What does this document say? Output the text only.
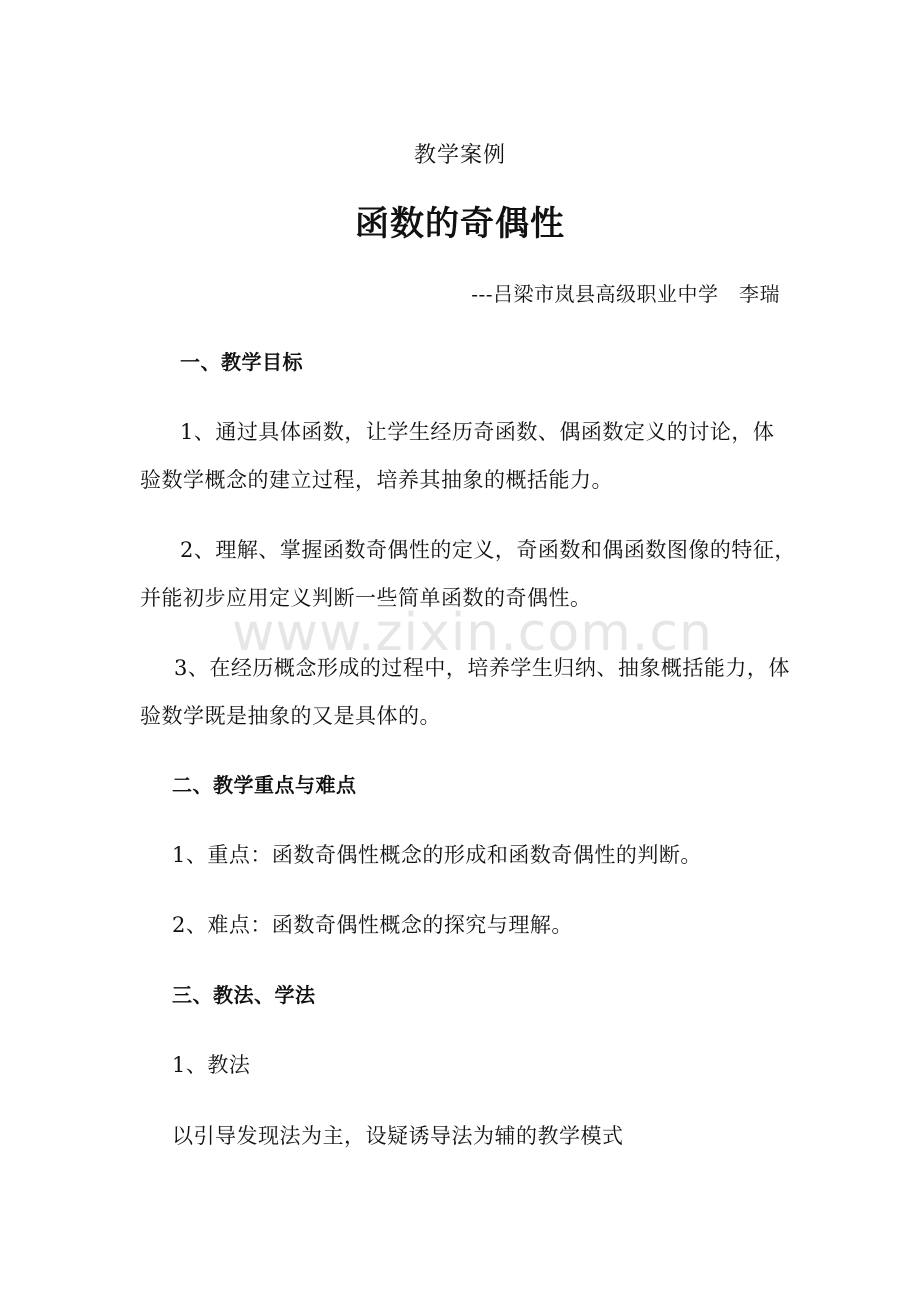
www.zixin.com.cn
教学案例
函数的奇偶性
---吕梁市岚县高级职业中学　李瑞
一、教学目标
1、通过具体函数，让学生经历奇函数、偶函数定义的讨论，体
验数学概念的建立过程，培养其抽象的概括能力。
2、理解、掌握函数奇偶性的定义，奇函数和偶函数图像的特征，
并能初步应用定义判断一些简单函数的奇偶性。
3、在经历概念形成的过程中，培养学生归纳、抽象概括能力，体
验数学既是抽象的又是具体的。
二、教学重点与难点
1、重点：函数奇偶性概念的形成和函数奇偶性的判断。
2、难点：函数奇偶性概念的探究与理解。
三、教法、学法
1、教法
以引导发现法为主，设疑诱导法为辅的教学模式
